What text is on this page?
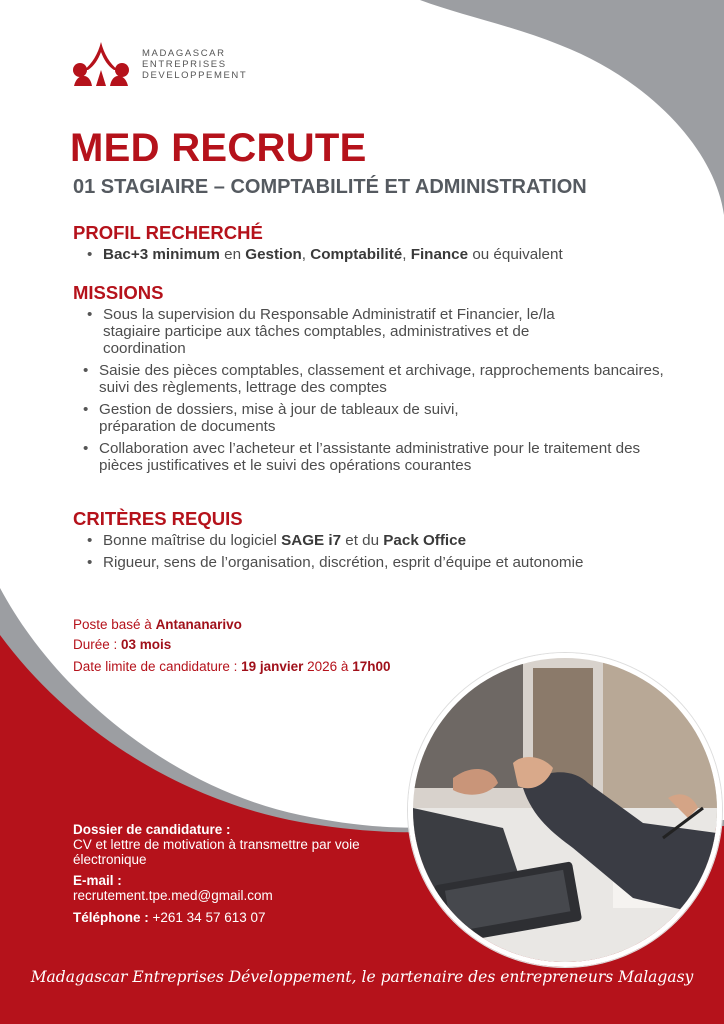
MADAGASCAR
ENTREPRISES
DEVELOPPEMENT
MED RECRUTE

01 STAGIAIRE – COMPTABILITÉ ET ADMINISTRATION

PROFIL RECHERCHÉ
• Bac+3 minimum en Gestion, Comptabilité, Finance ou équivalent
MISSIONS
• Sous la supervision du Responsable Administratif et Financier, le/la stagiaire participe aux tâches comptables, administratives et de coordination
• Saisie des pièces comptables, classement et archivage, rapprochements bancaires, suivi des règlements, lettrage des comptes
• Gestion de dossiers, mise à jour de tableaux de suivi, préparation de documents
• Collaboration avec l’acheteur et l’assistante administrative pour le traitement des pièces justificatives et le suivi des opérations courantes
CRITÈRES REQUIS
• Bonne maîtrise du logiciel SAGE i7 et du Pack Office
• Rigueur, sens de l’organisation, discrétion, esprit d’équipe et autonomie

Poste basé à Antananarivo

Durée : 03 mois

Date limite de candidature : 19 janvier 2026 à 17h00

Dossier de candidature :
CV et lettre de motivation à transmettre par voie électronique
E-mail :
recrutement.tpe.med@gmail.com
Téléphone : +261 34 57 613 07

Madagascar Entreprises Développement, le partenaire des entrepreneurs Malagasy
